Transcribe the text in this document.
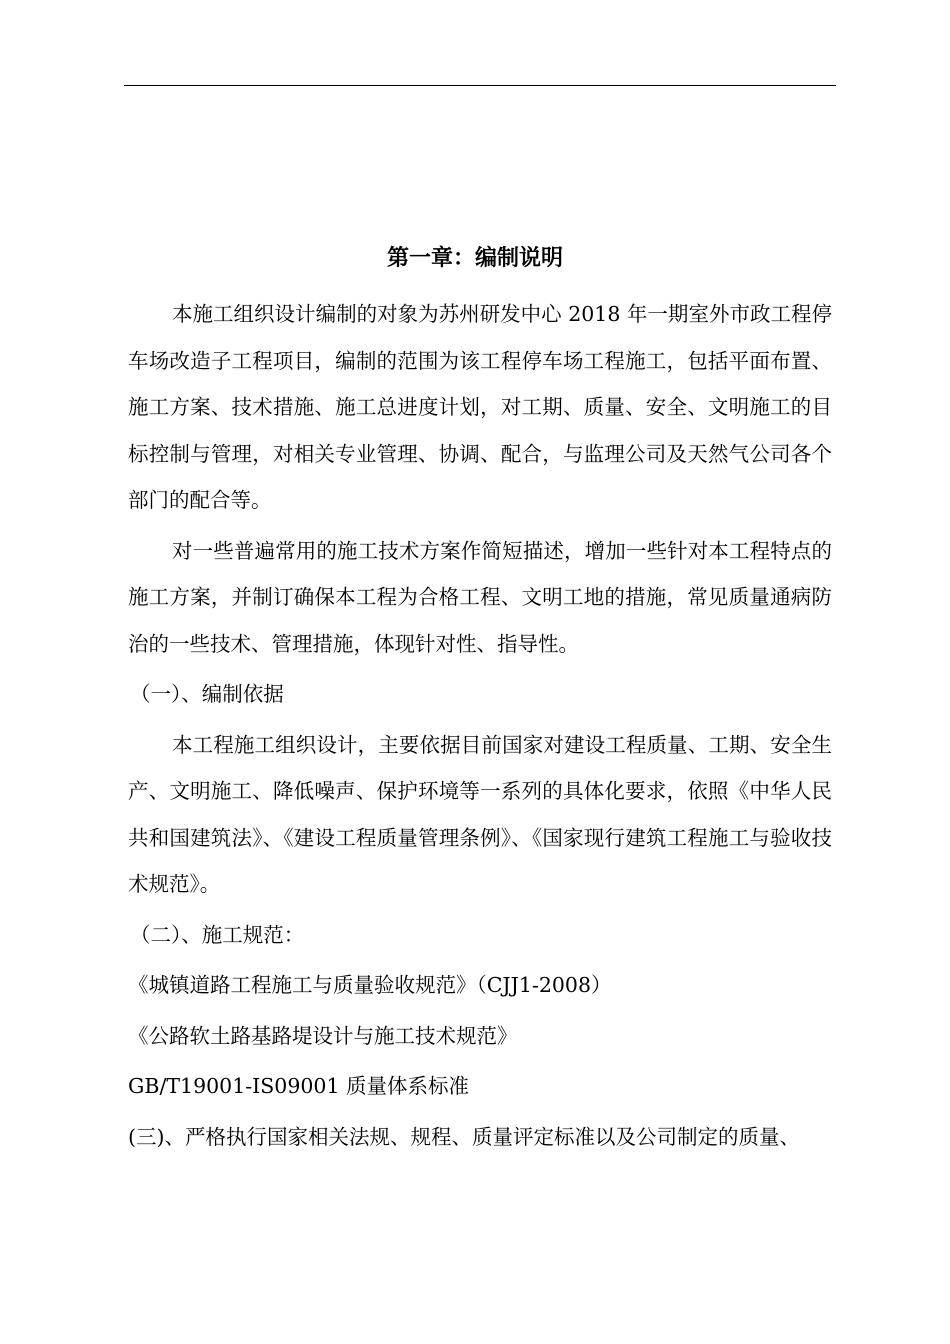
第一章：编制说明

本施工组织设计编制的对象为苏州研发中心 2018 年一期室外市政工程停车场改造子工程项目，编制的范围为该工程停车场工程施工，包括平面布置、施工方案、技术措施、施工总进度计划，对工期、质量、安全、文明施工的目标控制与管理，对相关专业管理、协调、配合，与监理公司及天然气公司各个部门的配合等。

对一些普遍常用的施工技术方案作简短描述，增加一些针对本工程特点的施工方案，并制订确保本工程为合格工程、文明工地的措施，常见质量通病防治的一些技术、管理措施，体现针对性、指导性。

（一）、编制依据

本工程施工组织设计，主要依据目前国家对建设工程质量、工期、安全生产、文明施工、降低噪声、保护环境等一系列的具体化要求，依照《中华人民共和国建筑法》、《建设工程质量管理条例》、《国家现行建筑工程施工与验收技术规范》。

（二）、施工规范：

《城镇道路工程施工与质量验收规范》（CJJ1-2008）

《公路软土路基路堤设计与施工技术规范》

GB/T19001-IS09001 质量体系标准

(三)、严格执行国家相关法规、规程、质量评定标准以及公司制定的质量、
